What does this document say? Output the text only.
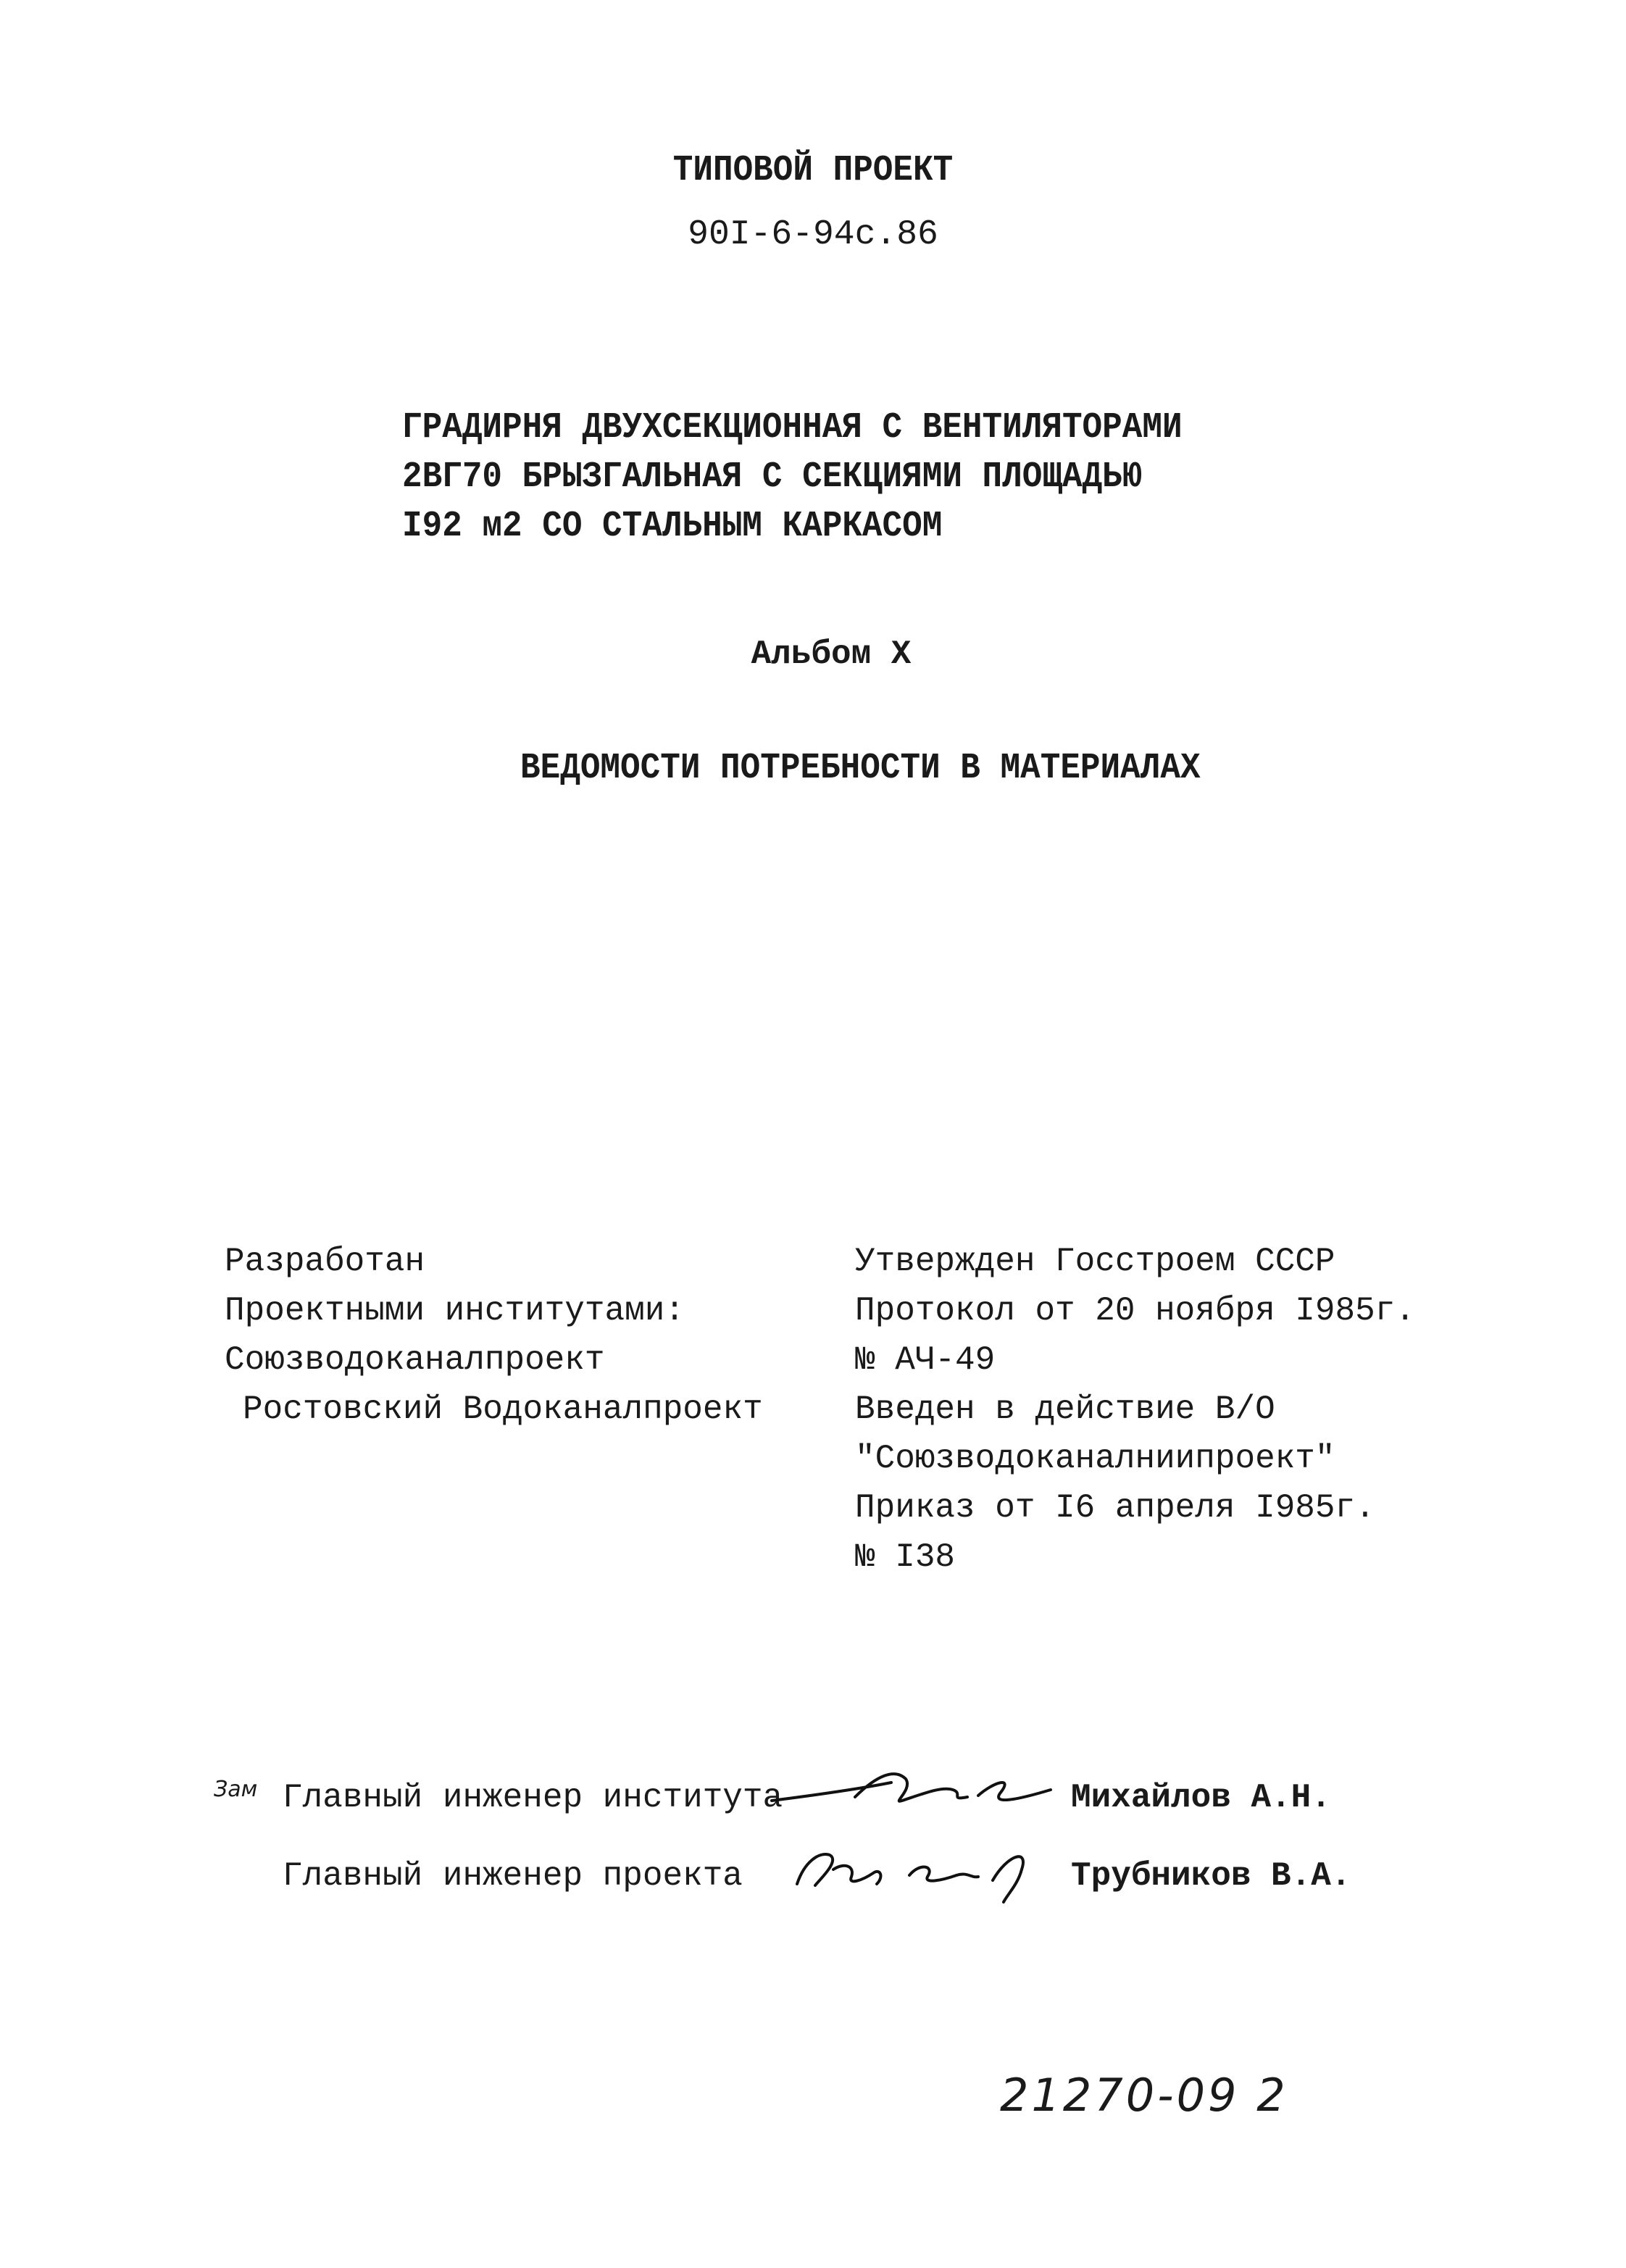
ТИПОВОЙ ПРОЕКТ
90I-6-94с.86
ГРАДИРНЯ ДВУХСЕКЦИОННАЯ С ВЕНТИЛЯТОРАМИ
2ВГ70 БРЫЗГАЛЬНАЯ С СЕКЦИЯМИ ПЛОЩАДЬЮ
I92 м2 СО СТАЛЬНЫМ КАРКАСОМ
Альбом X
ВЕДОМОСТИ ПОТРЕБНОСТИ В МАТЕРИАЛАХ
Разработан
Проектными институтами:
Союзводоканалпроект
Ростовский Водоканалпроект
Утвержден Госстроем СССР
Протокол от 20 ноября I985г.
№ АЧ-49
Введен в действие В/О
"Союзводоканалниипроект"
Приказ от I6 апреля I985г.
№ I38
Зам Главный инженер института	Михайлов А.Н.
Главный инженер проекта	Трубников В.А.
21270-09 2
